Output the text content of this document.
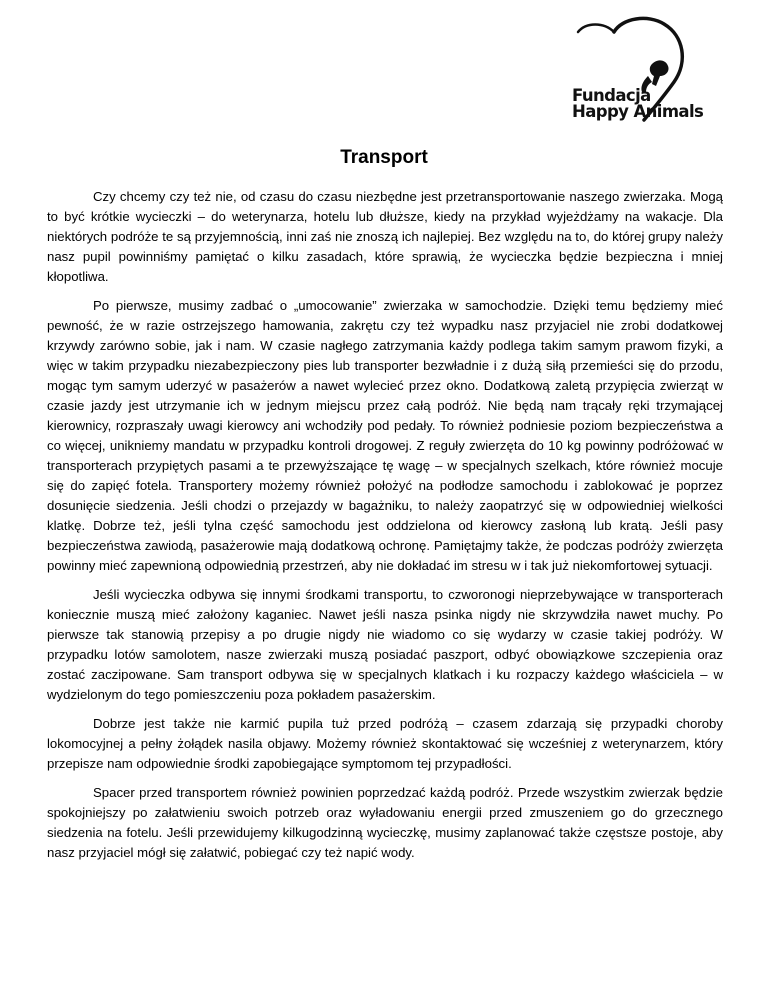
Fundacja
Happy Animals
Transport

Czy chcemy czy też nie, od czasu do czasu niezbędne jest przetransportowanie naszego zwierzaka. Mogą to być krótkie wycieczki – do weterynarza, hotelu lub dłuższe, kiedy na przykład wyjeżdżamy na wakacje. Dla niektórych podróże te są przyjemnością, inni zaś nie znoszą ich najlepiej. Bez względu na to, do której grupy należy nasz pupil powinniśmy pamiętać o kilku zasadach, które sprawią, że wycieczka będzie bezpieczna i mniej kłopotliwa.

Po pierwsze, musimy zadbać o „umocowanie” zwierzaka w samochodzie. Dzięki temu będziemy mieć pewność, że w razie ostrzejszego hamowania, zakrętu czy też wypadku nasz przyjaciel nie zrobi dodatkowej krzywdy zarówno sobie, jak i nam. W czasie nagłego zatrzymania każdy podlega takim samym prawom fizyki, a więc w takim przypadku niezabezpieczony pies lub transporter bezwładnie i z dużą siłą przemieści się do przodu, mogąc tym samym uderzyć w pasażerów a nawet wylecieć przez okno. Dodatkową zaletą przypięcia zwierząt w czasie jazdy jest utrzymanie ich w jednym miejscu przez całą podróż. Nie będą nam trącały ręki trzymającej kierownicy, rozpraszały uwagi kierowcy ani wchodziły pod pedały. To również podniesie poziom bezpieczeństwa a co więcej, unikniemy mandatu w przypadku kontroli drogowej. Z reguły zwierzęta do 10 kg powinny podróżować w transporterach przypiętych pasami a te przewyższające tę wagę – w specjalnych szelkach, które również mocuje się do zapięć fotela. Transportery możemy również położyć na podłodze samochodu i zablokować je poprzez dosunięcie siedzenia. Jeśli chodzi o przejazdy w bagażniku, to należy zaopatrzyć się w odpowiedniej wielkości klatkę. Dobrze też, jeśli tylna część samochodu jest oddzielona od kierowcy zasłoną lub kratą. Jeśli pasy bezpieczeństwa zawiodą, pasażerowie mają dodatkową ochronę. Pamiętajmy także, że podczas podróży zwierzęta powinny mieć zapewnioną odpowiednią przestrzeń, aby nie dokładać im stresu w i tak już niekomfortowej sytuacji.

Jeśli wycieczka odbywa się innymi środkami transportu, to czworonogi nieprzebywające w transporterach koniecznie muszą mieć założony kaganiec. Nawet jeśli nasza psinka nigdy nie skrzywdziła nawet muchy. Po pierwsze tak stanowią przepisy a po drugie nigdy nie wiadomo co się wydarzy w czasie takiej podróży. W przypadku lotów samolotem, nasze zwierzaki muszą posiadać paszport, odbyć obowiązkowe szczepienia oraz zostać zaczipowane. Sam transport odbywa się w specjalnych klatkach i ku rozpaczy każdego właściciela – w wydzielonym do tego pomieszczeniu poza pokładem pasażerskim.

Dobrze jest także nie karmić pupila tuż przed podróżą – czasem zdarzają się przypadki choroby lokomocyjnej a pełny żołądek nasila objawy. Możemy również skontaktować się wcześniej z weterynarzem, który przepisze nam odpowiednie środki zapobiegające symptomom tej przypadłości.

Spacer przed transportem również powinien poprzedzać każdą podróż. Przede wszystkim zwierzak będzie spokojniejszy po załatwieniu swoich potrzeb oraz wyładowaniu energii przed zmuszeniem go do grzecznego siedzenia na fotelu. Jeśli przewidujemy kilkugodzinną wycieczkę, musimy zaplanować także częstsze postoje, aby nasz przyjaciel mógł się załatwić, pobiegać czy też napić wody.
